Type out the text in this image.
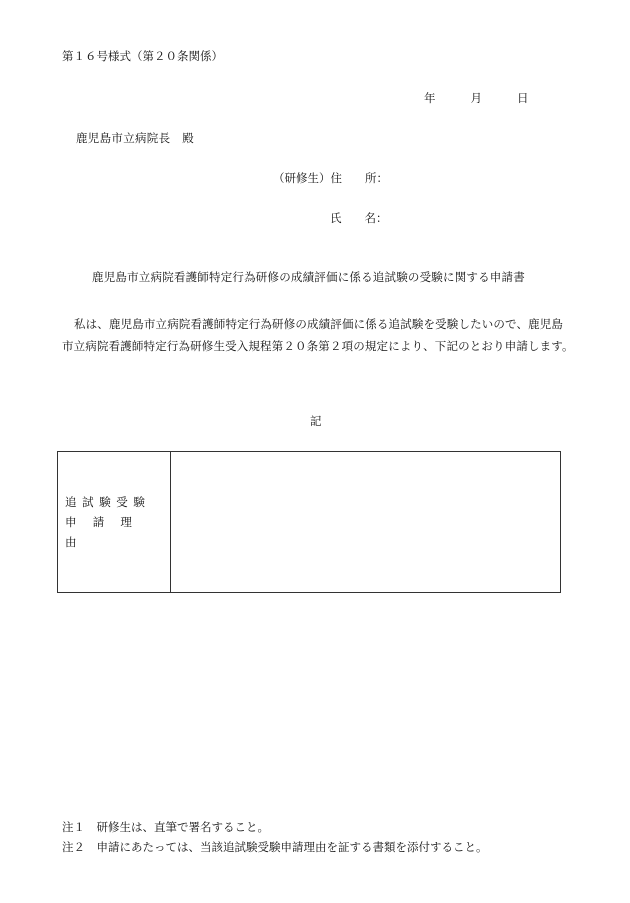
第１６号様式（第２０条関係）
年	月	日
鹿児島市立病院長　殿
（研修生）住　　所：
氏　　名：
鹿児島市立病院看護師特定行為研修の成績評価に係る追試験の受験に関する申請書
私は、鹿児島市立病院看護師特定行為研修の成績評価に係る追試験を受験したいので、鹿児島市立病院看護師特定行為研修生受入規程第２０条第２項の規定により、下記のとおり申請します。
記
追試験受験
申請理由
注１　研修生は、直筆で署名すること。
注２　申請にあたっては、当該追試験受験申請理由を証する書類を添付すること。
